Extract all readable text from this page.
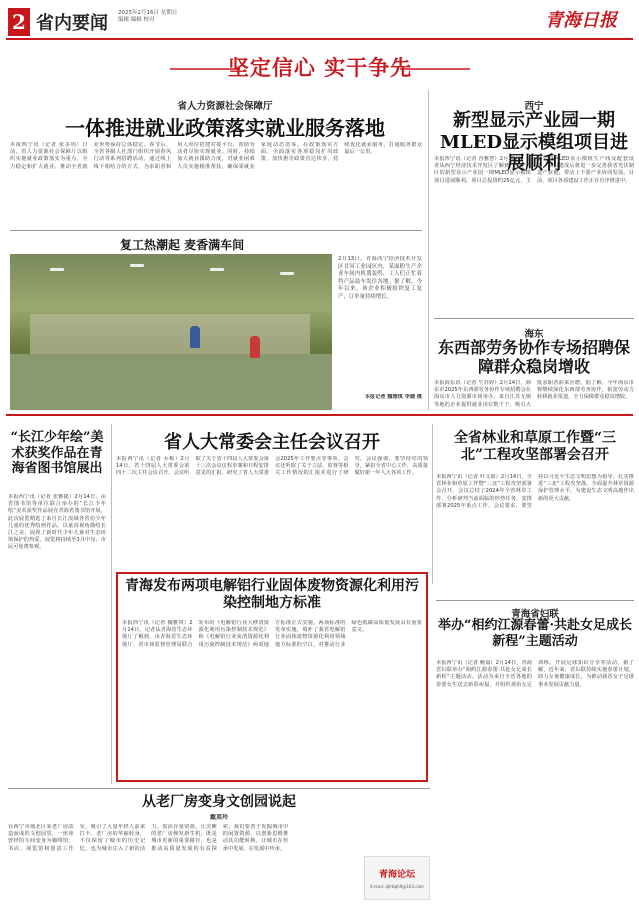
2 省内要闻 2025年2月16日 星期日
编辑 编辑 校对	青海日报
坚定信心 实干争先
省人力资源社会保障厅
一体推进就业政策落实就业服务落地
本报西宁讯（记者 张多钧）日前，省人力资源社会保障厅以组织实施就业政策落实为重点，全力稳定和扩大就业，推动全省就业形势保持总体稳定。春节后，全省各级人社部门组织开展春风行动等系列招聘活动，通过线上线下相结合的方式，为求职者和用人单位搭建对接平台，帮助劳动者尽快实现就业。同时，持续加大就业援助力度，对就业困难人员实施精准帮扶，确保零就业家庭动态清零。在政策落实方面，全面落实各项稳岗扩岗政策，加快惠企政策直达快享，持续优化就业服务，打通服务群众最后一公里。
复工热潮起 麦香满车间
2月13日，青海西宁经济技术开发区甘河工业园区内，某面粉生产企业车间内机器轰鸣，工人们正忙着将产品装车发往各地。据了解，今年以来，该企业积极组织复工复产，订单量持续增长。
本报记者 魏雅琪 李婕 摄
西宁
新型显示产业园一期MLED显示模组项目进展顺利
本报西宁讯（记者 谷雅慧）2月13日，记者从西宁经济技术开发区了解到，位于该区的新型显示产业园一期MLED显示模组项目进展顺利。项目总投资约25亿元，主要建设MLED显示模组生产线及配套设施，项目建成后将进一步完善我省光伏制造产业链，带动上下游产业协同发展。目前，项目各项建设工作正在有序推进中。
海东
东西部劳务协作专场招聘保障群众稳岗增收
本报海东讯（记者 牛苏婷）2月14日，海东市2025年东西部劳务协作专场招聘会在海东市人力资源市场举办，来自江苏无锡等地的企业提供就业岗位数千个，吸引大批求职者前来应聘。据了解，今年海东市将继续深化东西部劳务协作，拓宽劳动力转移就业渠道，全力保障群众稳岗增收。
“长江少年绘”美术获奖作品在青海省图书馆展出
本报西宁讯（记者 张雅捷）2月14日，由省图书馆等单位联合举办的“长江少年绘”美术获奖作品展在青海省图书馆开展。此次展览精选了来自长江流域各省份少年儿童的优秀绘画作品，以童真视角描绘长江之美，展现了新时代少年儿童对生态环境保护的热爱。展览将持续至3月中旬，市民可免费参观。
省人大常委会主任会议召开
本报西宁讯（记者 乔栋）2月14日，省十四届人大常委会第四十二次主任会议召开。会议听取了关于省十四届人大常委会第十三次会议议程草案和日程安排意见的汇报，研究了省人大常委会2025年工作要点等事项。会议还听取了关于立法、监督等相关工作情况的汇报并进行了研究。会议强调，要坚持党的领导，紧扣全省中心工作，高质量做好新一年人大各项工作。
青海发布两项电解铝行业固体废物资源化利用污染控制地方标准
本报西宁讯（记者 魏雅琪）2月14日，记者从青海省生态环境厅了解到，由青海省生态环境厅、省市场监督管理局联合发布的《电解铝行业大修渣资源化利用污染控制技术规范》和《电解铝行业炭渣资源化利用污染控制技术规范》两项地方标准正式实施。两项标准的发布实施，填补了我省电解铝行业固体废物资源化利用领域地方标准的空白，对推动行业绿色低碳高质量发展具有重要意义。
全省林业和草原工作暨“三北”工程攻坚部署会召开
本报西宁讯（记者 叶文娟）2月14日，全省林业和草原工作暨“三北”工程攻坚部署会召开。会议总结了2024年全省林草工作，分析研判当前面临的形势任务，安排部署2025年重点工作。会议要求，要坚持以习近平生态文明思想为指导，扎实推进“三北”工程攻坚战，全面提升林草资源保护管理水平，为建设生态文明高地作出新的更大贡献。
青海省妇联
举办“相约江源春蕾·共赴女足成长新程”主题活动
本报西宁讯（记者 鲍嘉）2月14日，青海省妇联举办“相约江源春蕾·共赴女足成长新程”主题活动。活动为来自全省各地的春蕾女生送去新春祝福，并组织观看女足训练、开展足球知识分享等活动。据了解，近年来，省妇联持续实施春蕾计划，助力女童健康成长，为推动我省女子足球事业发展贡献力量。
从老厂房变身文创园说起
戴莫玲
在西宁市城北区某老厂房改造而成的文创园里，一座座曾经的车间变身为咖啡馆、书店、展览馆和创意工作室，吸引了大量年轻人前来打卡。老厂房的华丽转身，不仅保留了城市的历史记忆，也为城市注入了新的活力。盘活存量资源，让沉睡的老厂房焕发新生机，既是城市更新的重要路径，也是推动高质量发展的有益探索。我们要善于发掘城市中的闲置资源，以创新思维推动其功能转换，让城市在传承中发展、在发展中传承。
青海论坛
E-mail: qhrbqhlt@163.com
